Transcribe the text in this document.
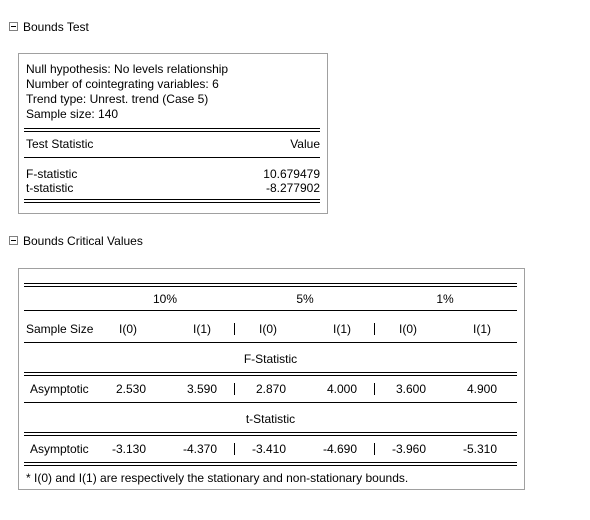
Bounds Test
Null hypothesis: No levels relationship
Number of cointegrating variables: 6
Trend type: Unrest. trend (Case 5)
Sample size: 140
Test Statistic	Value
F-statistic	10.679479
t-statistic	-8.277902
Bounds Critical Values
10%	5%	1%
Sample Size I(0)	I(1)	I(0)	I(1)	I(0)	I(1)
F-Statistic
Asymptotic 2.530	3.590	2.870	4.000	3.600	4.900
t-Statistic
Asymptotic -3.130	-4.370	-3.410	-4.690	-3.960	-5.310
* I(0) and I(1) are respectively the stationary and non-stationary bounds.
